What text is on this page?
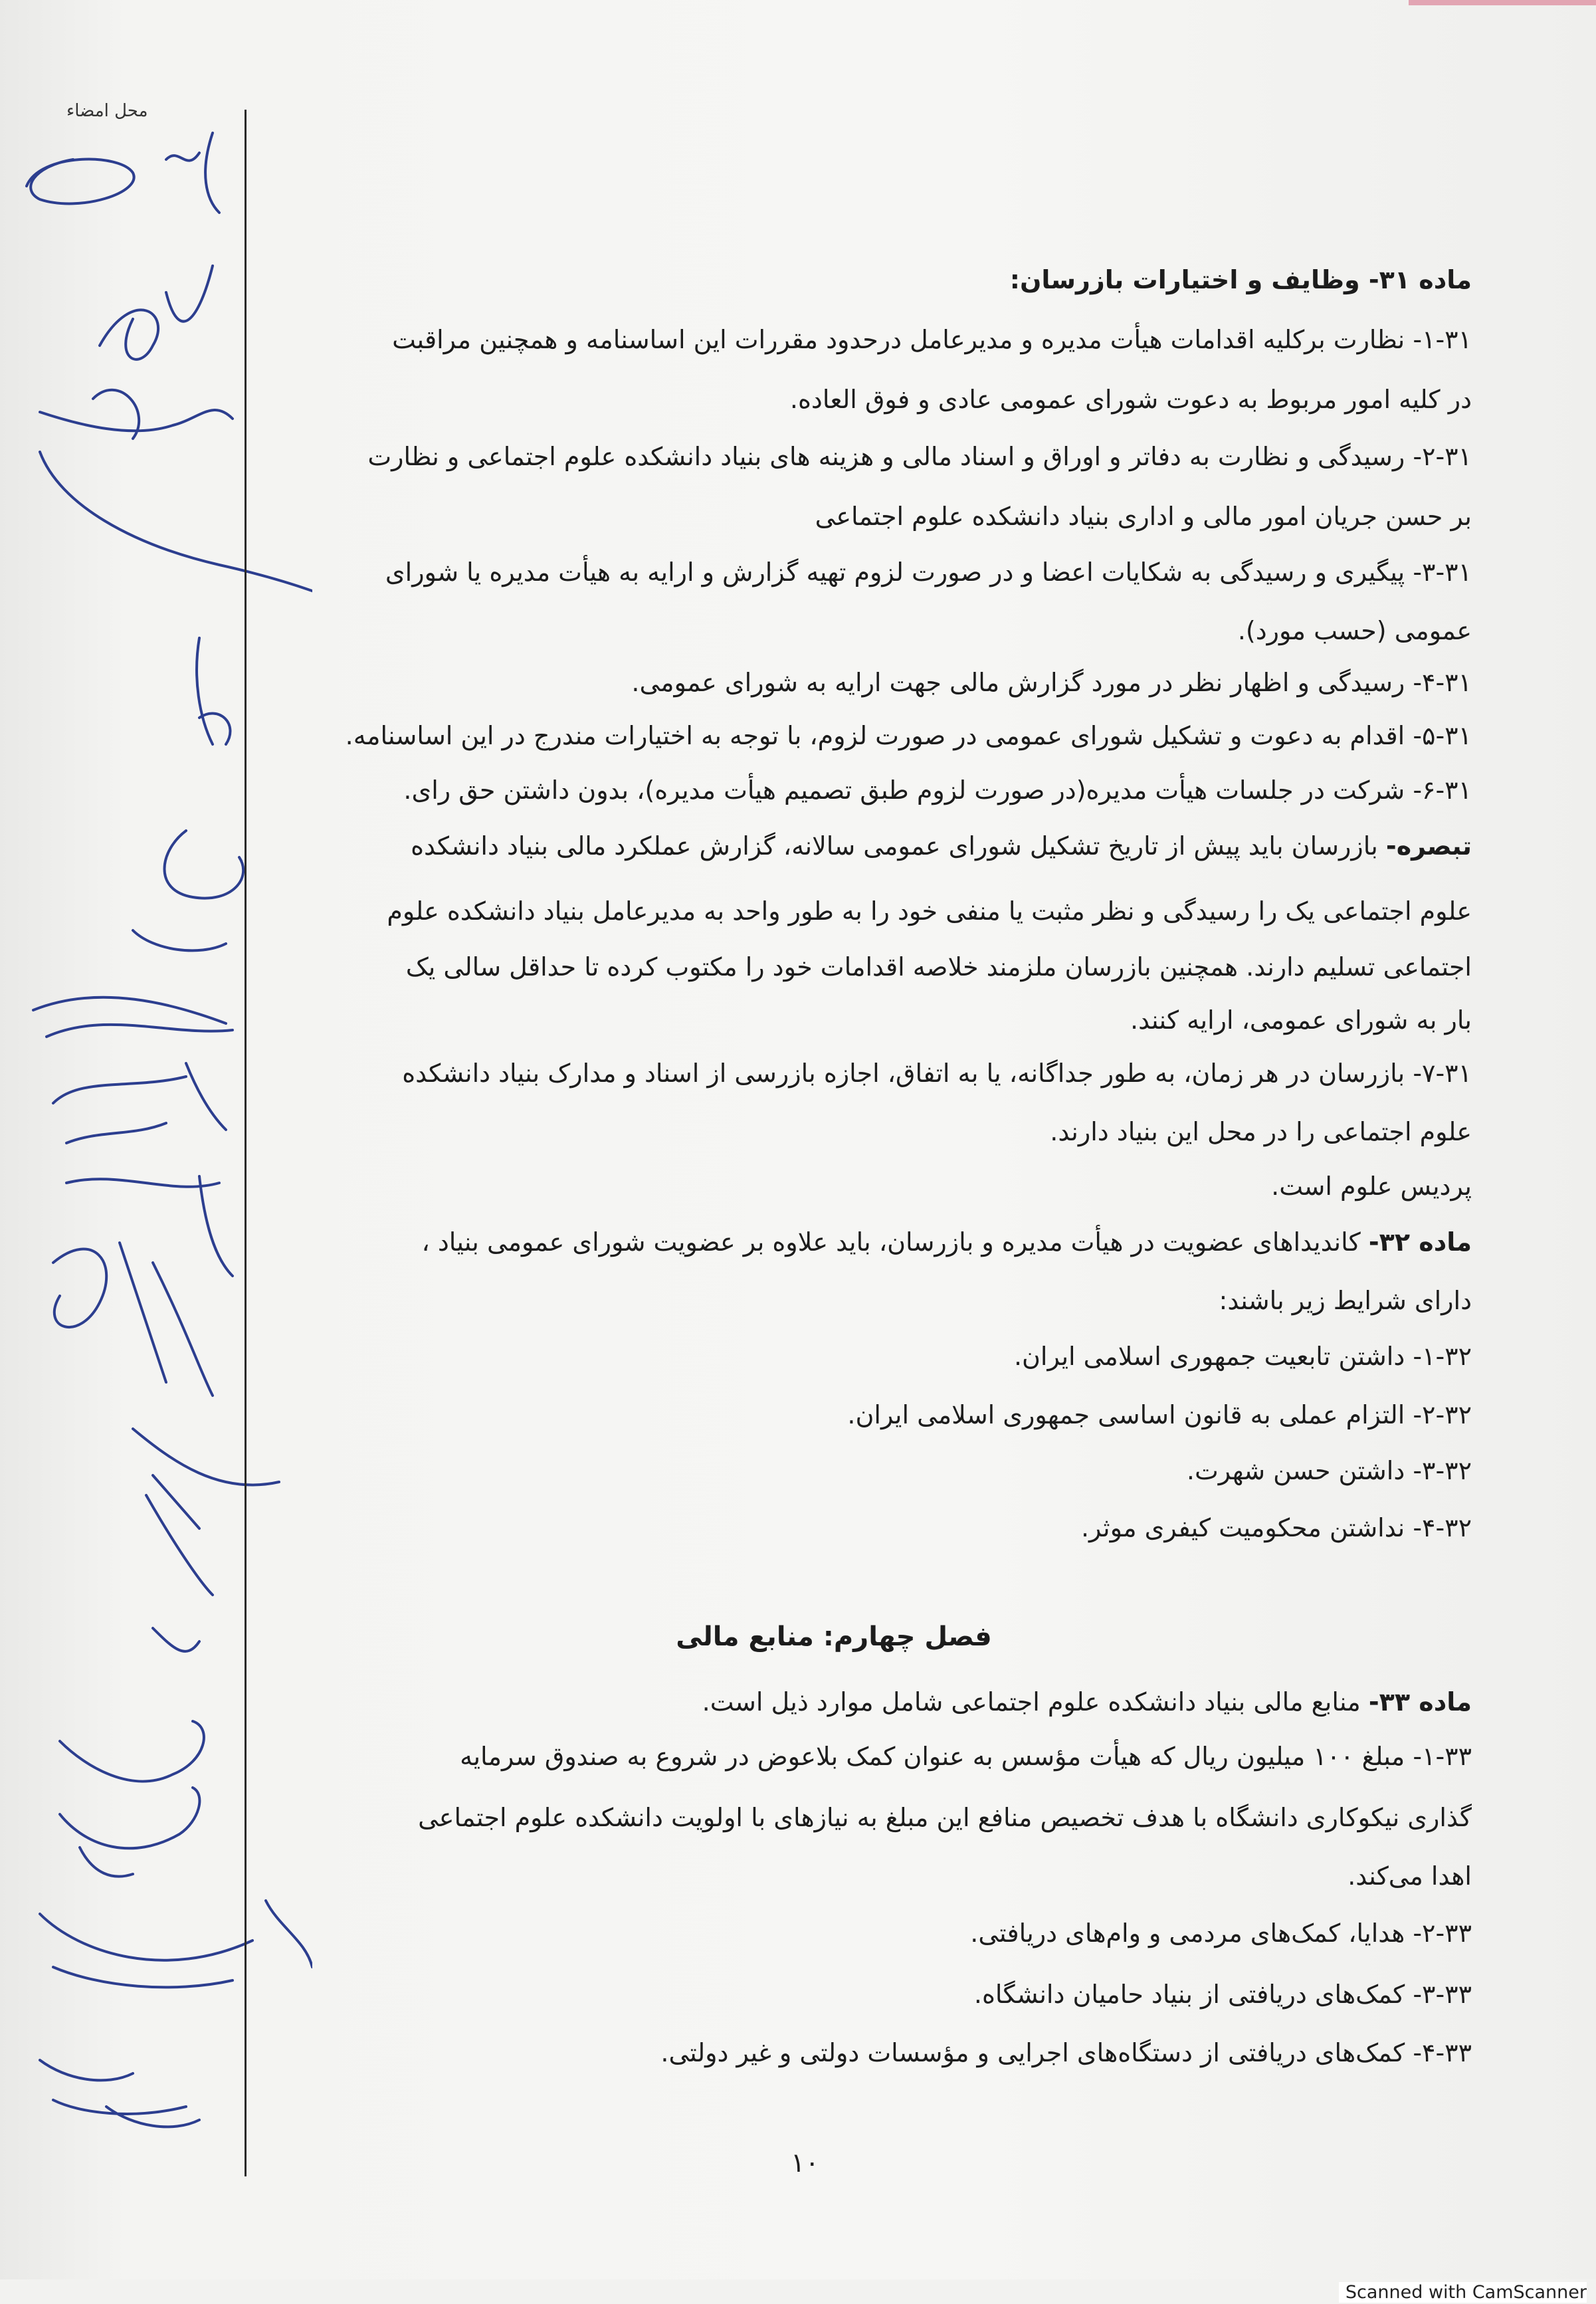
محل امضاء
ماده ۳۱- وظایف و اختیارات بازرسان:
۱-۳۱- نظارت برکلیه اقدامات هیأت مدیره و مدیرعامل درحدود مقررات این اساسنامه و همچنین مراقبت
در کلیه امور مربوط به دعوت شورای عمومی عادی و فوق العاده.
۲-۳۱- رسیدگی و نظارت به دفاتر و اوراق و اسناد مالی و هزینه های بنیاد دانشکده علوم اجتماعی و نظارت
بر حسن جریان امور مالی و اداری بنیاد دانشکده علوم اجتماعی
۳-۳۱- پیگیری و رسیدگی به شکایات اعضا و در صورت لزوم تهیه گزارش و ارایه به هیأت مدیره یا شورای
عمومی (حسب مورد).
۴-۳۱- رسیدگی و اظهار نظر در مورد گزارش مالی جهت ارایه به شورای عمومی.
۵-۳۱- اقدام به دعوت و تشکیل شورای عمومی در صورت لزوم، با توجه به اختیارات مندرج در این اساسنامه.
۶-۳۱- شرکت در جلسات هیأت مدیره(در صورت لزوم طبق تصمیم هیأت مدیره)، بدون داشتن حق رای.
تبصره- بازرسان باید پیش از تاریخ تشکیل شورای عمومی سالانه، گزارش عملکرد مالی بنیاد دانشکده
علوم اجتماعی یک را رسیدگی و نظر مثبت یا منفی خود را به طور واحد به مدیرعامل بنیاد دانشکده علوم
اجتماعی تسلیم دارند. همچنین بازرسان ملزمند خلاصه اقدامات خود را مکتوب کرده تا حداقل سالی یک
بار به شورای عمومی، ارایه کنند.
۷-۳۱- بازرسان در هر زمان، به طور جداگانه، یا به اتفاق، اجازه بازرسی از اسناد و مدارک بنیاد دانشکده
علوم اجتماعی را در محل این بنیاد دارند.
پردیس علوم است.
ماده ۳۲- کاندیداهای عضویت در هیأت مدیره و بازرسان، باید علاوه بر عضویت شورای عمومی بنیاد ،
دارای شرایط زیر باشند:
۱-۳۲- داشتن تابعیت جمهوری اسلامی ایران.
۲-۳۲- التزام عملی به قانون اساسی جمهوری اسلامی ایران.
۳-۳۲- داشتن حسن شهرت.
۴-۳۲- نداشتن محکومیت کیفری موثر.
فصل چهارم: منابع مالی
ماده ۳۳- منابع مالی بنیاد دانشکده علوم اجتماعی شامل موارد ذیل است.
۱-۳۳- مبلغ ۱۰۰ میلیون ریال که هیأت مؤسس به عنوان کمک بلاعوض در شروع به صندوق سرمایه
گذاری نیکوکاری دانشگاه با هدف تخصیص منافع این مبلغ به نیازهای با اولویت دانشکده علوم اجتماعی
اهدا می‌کند.
۲-۳۳- هدایا، کمک‌های مردمی و وام‌های دریافتی.
۳-۳۳- کمک‌های دریافتی از بنیاد حامیان دانشگاه.
۴-۳۳- کمک‌های دریافتی از دستگاه‌های اجرایی و مؤسسات دولتی و غیر دولتی.
۱۰
Scanned with CamScanner
